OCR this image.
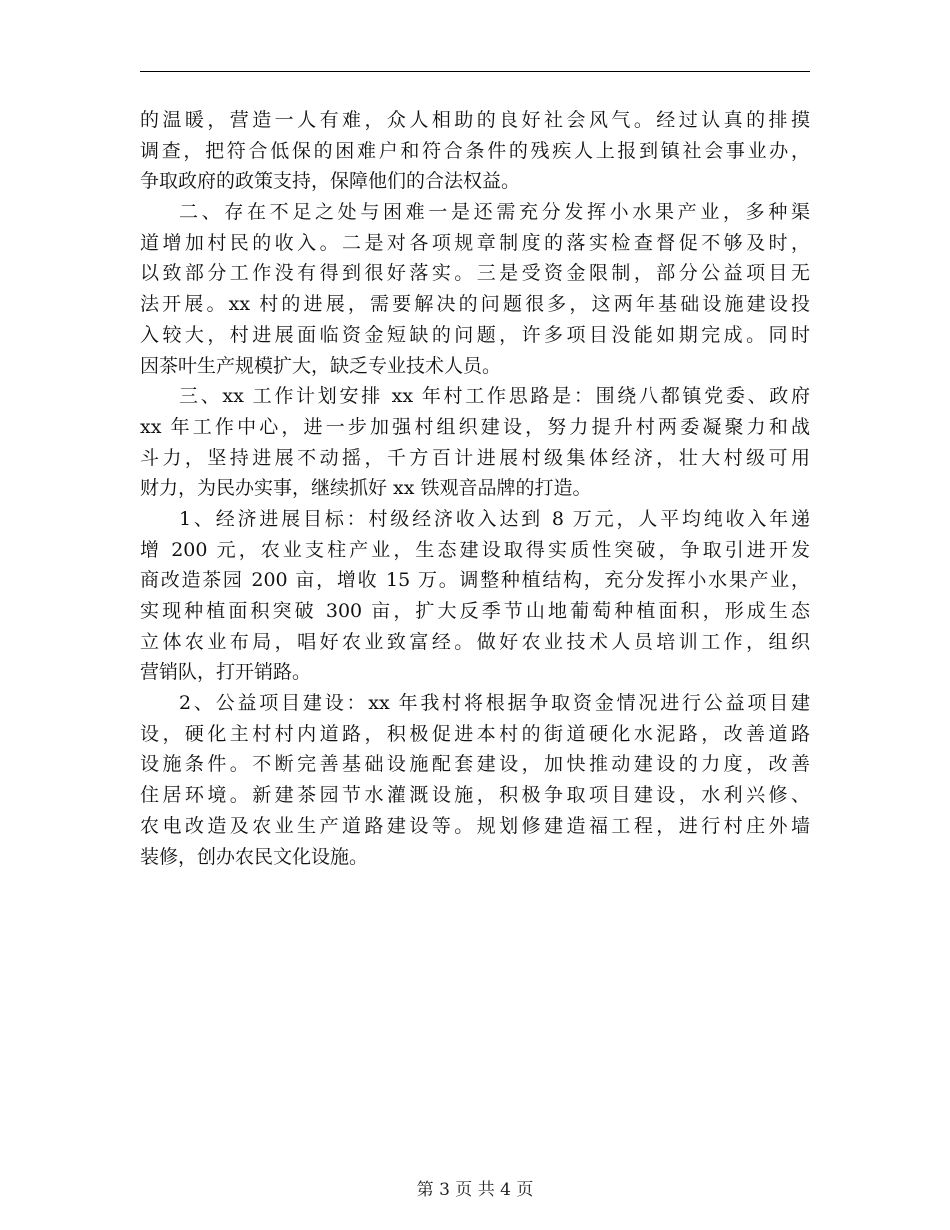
的温暖，营造一人有难，众人相助的良好社会风气。经过认真的排摸
调查，把符合低保的困难户和符合条件的残疾人上报到镇社会事业办，
争取政府的政策支持，保障他们的合法权益。
二、存在不足之处与困难一是还需充分发挥小水果产业，多种渠
道增加村民的收入。二是对各项规章制度的落实检查督促不够及时，
以致部分工作没有得到很好落实。三是受资金限制，部分公益项目无
法开展。xx 村的进展，需要解决的问题很多，这两年基础设施建设投
入较大，村进展面临资金短缺的问题，许多项目没能如期完成。同时
因茶叶生产规模扩大，缺乏专业技术人员。
三、xx 工作计划安排 xx 年村工作思路是：围绕八都镇党委、政府
xx 年工作中心，进一步加强村组织建设，努力提升村两委凝聚力和战
斗力，坚持进展不动摇，千方百计进展村级集体经济，壮大村级可用
财力，为民办实事，继续抓好 xx 铁观音品牌的打造。
1、经济进展目标：村级经济收入达到 8 万元，人平均纯收入年递
增 200 元，农业支柱产业，生态建设取得实质性突破，争取引进开发
商改造茶园 200 亩，增收 15 万。调整种植结构，充分发挥小水果产业，
实现种植面积突破 300 亩，扩大反季节山地葡萄种植面积，形成生态
立体农业布局，唱好农业致富经。做好农业技术人员培训工作，组织
营销队，打开销路。
2、公益项目建设：xx 年我村将根据争取资金情况进行公益项目建
设，硬化主村村内道路，积极促进本村的街道硬化水泥路，改善道路
设施条件。不断完善基础设施配套建设，加快推动建设的力度，改善
住居环境。新建茶园节水灌溉设施，积极争取项目建设，水利兴修、
农电改造及农业生产道路建设等。规划修建造福工程，进行村庄外墙
装修，创办农民文化设施。
第 3 页 共 4 页
